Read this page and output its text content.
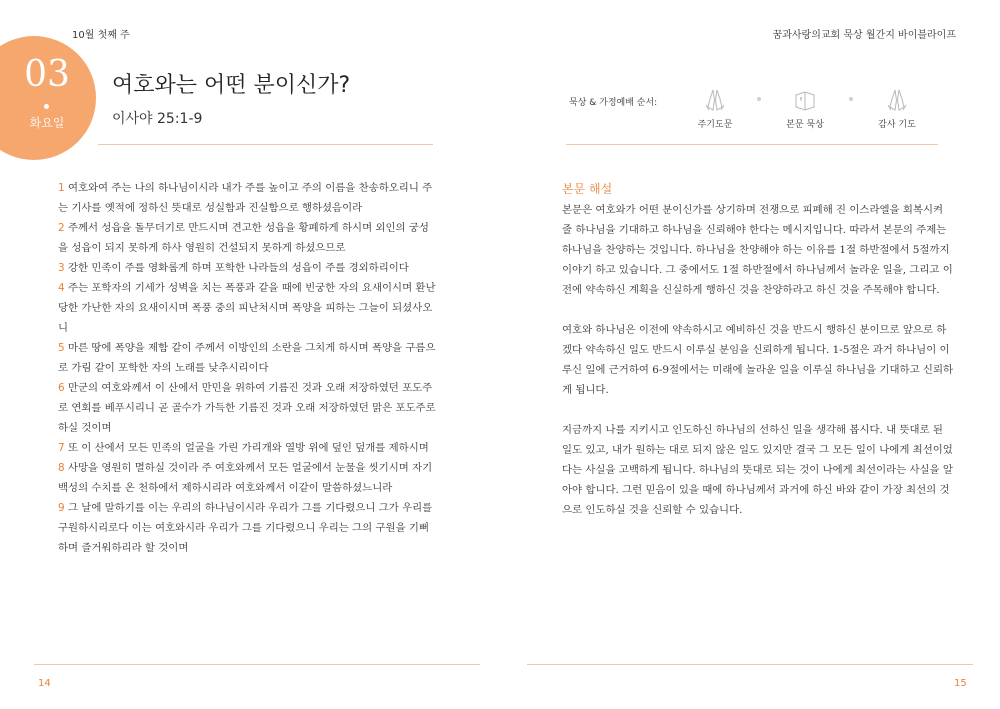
10월 첫째 주	꿈과사랑의교회 묵상 월간지 바이블라이프
03
화요일
여호와는 어떤 분이신가?
이사야 25:1-9
1 여호와여 주는 나의 하나님이시라 내가 주를 높이고 주의 이름을 찬송하오리니 주는 기사를 옛적에 정하신 뜻대로 성실함과 진실함으로 행하셨음이라
2 주께서 성읍을 돌무더기로 만드시며 견고한 성읍을 황폐하게 하시며 외인의 궁성을 성읍이 되지 못하게 하사 영원히 건설되지 못하게 하셨으므로
3 강한 민족이 주를 영화롭게 하며 포학한 나라들의 성읍이 주를 경외하리이다
4 주는 포학자의 기세가 성벽을 치는 폭풍과 같을 때에 빈궁한 자의 요새이시며 환난 당한 가난한 자의 요새이시며 폭풍 중의 피난처시며 폭양을 피하는 그늘이 되셨사오니
5 마른 땅에 폭양을 제함 같이 주께서 이방인의 소란을 그치게 하시며 폭양을 구름으로 가림 같이 포학한 자의 노래를 낮추시리이다
6 만군의 여호와께서 이 산에서 만민을 위하여 기름진 것과 오래 저장하였던 포도주로 연회를 베푸시리니 곧 골수가 가득한 기름진 것과 오래 저장하였던 맑은 포도주로 하실 것이며
7 또 이 산에서 모든 민족의 얼굴을 가린 가리개와 열방 위에 덮인 덮개를 제하시며
8 사망을 영원히 멸하실 것이라 주 여호와께서 모든 얼굴에서 눈물을 씻기시며 자기 백성의 수치를 온 천하에서 제하시리라 여호와께서 이같이 말씀하셨느니라
9 그 날에 말하기를 이는 우리의 하나님이시라 우리가 그를 기다렸으니 그가 우리를 구원하시리로다 이는 여호와시라 우리가 그를 기다렸으니 우리는 그의 구원을 기뻐하며 즐거워하리라 할 것이며
묵상 & 가정예배 순서:
주기도문	본문 묵상	감사 기도
본문 해설

본문은 여호와가 어떤 분이신가를 상기하며 전쟁으로 피폐해 진 이스라엘을 회복시켜 줄 하나님을 기대하고 하나님을 신뢰해야 한다는 메시지입니다. 따라서 본문의 주제는 하나님을 찬양하는 것입니다. 하나님을 찬양해야 하는 이유를 1절 하반절에서 5절까지 이야기 하고 있습니다. 그 중에서도 1절 하반절에서 하나님께서 놀라운 일을, 그리고 이전에 약속하신 계획을 신실하게 행하신 것을 찬양하라고 하신 것을 주목해야 합니다.

여호와 하나님은 이전에 약속하시고 예비하신 것을 반드시 행하신 분이므로 앞으로 하겠다 약속하신 일도 반드시 이루실 분임을 신뢰하게 됩니다. 1-5절은 과거 하나님이 이루신 일에 근거하여 6-9절에서는 미래에 놀라운 일을 이루실 하나님을 기대하고 신뢰하게 됩니다.

지금까지 나를 지키시고 인도하신 하나님의 선하신 일을 생각해 봅시다. 내 뜻대로 된 일도 있고, 내가 원하는 대로 되지 않은 일도 있지만 결국 그 모든 일이 나에게 최선이었다는 사실을 고백하게 됩니다. 하나님의 뜻대로 되는 것이 나에게 최선이라는 사실을 알아야 합니다. 그런 믿음이 있을 때에 하나님께서 과거에 하신 바와 같이 가장 최선의 것으로 인도하실 것을 신뢰할 수 있습니다.

14	15
